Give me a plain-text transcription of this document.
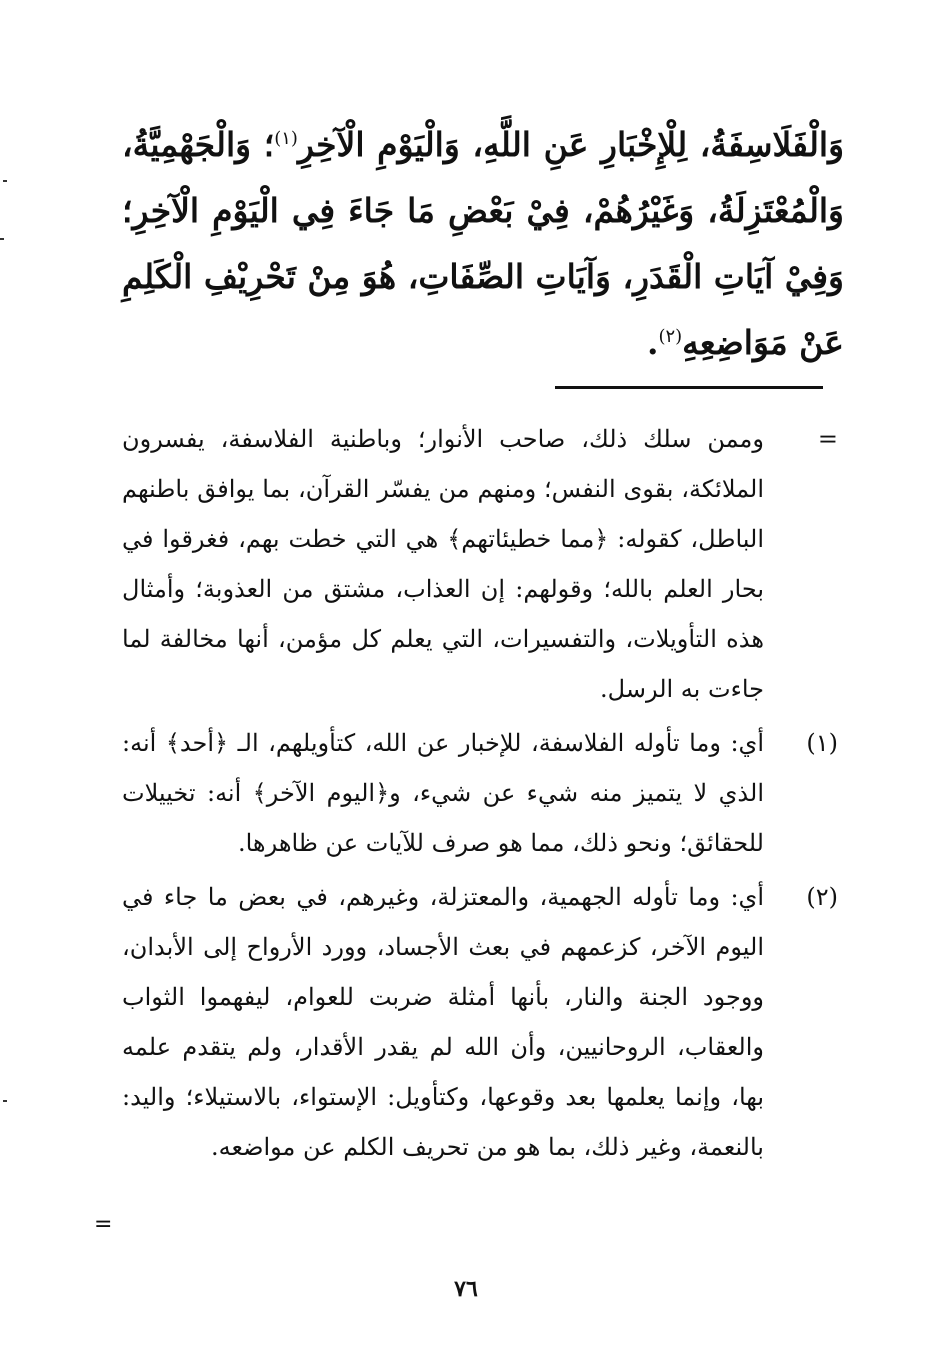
وَالْفَلَاسِفَةُ، لِلْإِخْبَارِ عَنِ اللَّهِ، وَالْيَوْمِ الْآخِرِ$^{(١)}$؛ وَالْجَهْمِيَّةُ، وَالْمُعْتَزِلَةُ، وَغَيْرُهُمْ، فِيْ بَعْضِ مَا جَاءَ فِي الْيَوْمِ الْآخِرِ؛ وَفِيْ آيَاتِ الْقَدَرِ، وَآيَاتِ الصِّفَاتِ، هُوَ مِنْ تَحْرِيْفِ الْكَلِمِ عَنْ مَوَاضِعِهِ$^{(٢)}$.

=
وممن سلك ذلك، صاحب الأنوار؛ وباطنية الفلاسفة، يفسرون الملائكة، بقوى النفس؛ ومنهم من يفسّر القرآن، بما يوافق باطنهم الباطل، كقوله: ﴿مما خطيئاتهم﴾ هي التي خطت بهم، فغرقوا في بحار العلم بالله؛ وقولهم: إن العذاب، مشتق من العذوبة؛ وأمثال هذه التأويلات، والتفسيرات، التي يعلم كل مؤمن، أنها مخالفة لما جاءت به الرسل.
(١)
أي: وما تأوله الفلاسفة، للإخبار عن الله، كتأويلهم، الـ ﴿أحد﴾ أنه: الذي لا يتميز منه شيء عن شيء، و﴿اليوم الآخر﴾ أنه: تخييلات للحقائق؛ ونحو ذلك، مما هو صرف للآيات عن ظاهرها.
(٢)
أي: وما تأوله الجهمية، والمعتزلة، وغيرهم، في بعض ما جاء في اليوم الآخر، كزعمهم في بعث الأجساد، وورد الأرواح إلى الأبدان، ووجود الجنة والنار، بأنها أمثلة ضربت للعوام، ليفهموا الثواب والعقاب، الروحانيين، وأن الله لم يقدر الأقدار، ولم يتقدم علمه بها، وإنما يعلمها بعد وقوعها، وكتأويل: الإستواء، بالاستيلاء؛ واليد: بالنعمة، وغير ذلك، بما هو من تحريف الكلم عن مواضعه.
=
٧٦
